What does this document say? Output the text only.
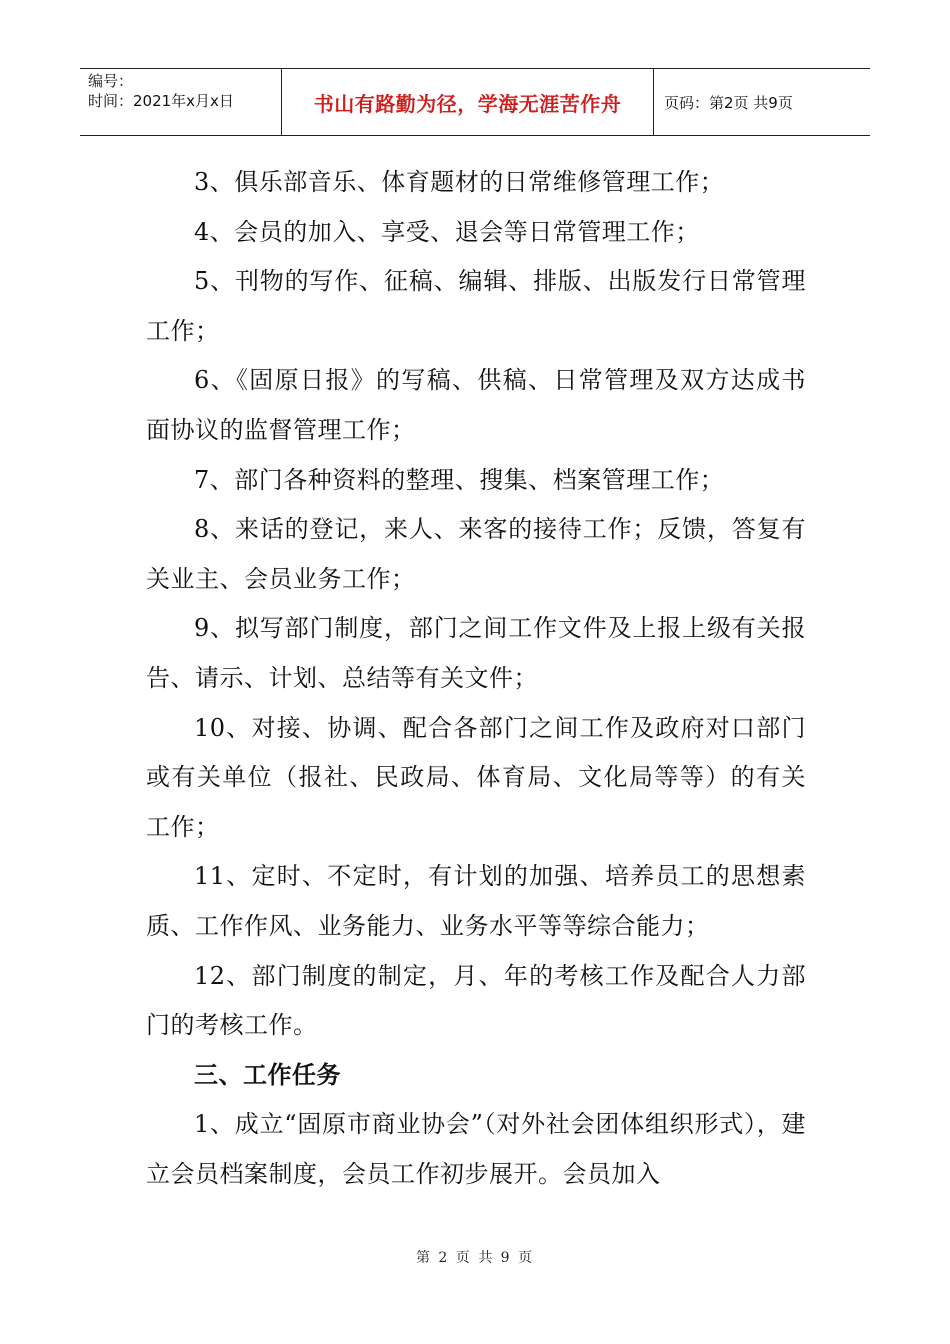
编号：
时间：2021年x月x日	书山有路勤为径，学海无涯苦作舟	页码：第2页 共9页

3、俱乐部音乐、体育题材的日常维修管理工作；

4、会员的加入、享受、退会等日常管理工作；

5、刊物的写作、征稿、编辑、排版、出版发行日常管理工作；

6、《固原日报》的写稿、供稿、日常管理及双方达成书面协议的监督管理工作；

7、部门各种资料的整理、搜集、档案管理工作；

8、来话的登记，来人、来客的接待工作；反馈，答复有关业主、会员业务工作；

9、拟写部门制度，部门之间工作文件及上报上级有关报告、请示、计划、总结等有关文件；

10、对接、协调、配合各部门之间工作及政府对口部门或有关单位（报社、民政局、体育局、文化局等等）的有关工作；

11、定时、不定时，有计划的加强、培养员工的思想素质、工作作风、业务能力、业务水平等等综合能力；

12、部门制度的制定，月、年的考核工作及配合人力部门的考核工作。

三、工作任务

1、成立“固原市商业协会”（对外社会团体组织形式），建立会员档案制度，会员工作初步展开。会员加入

第 2 页 共 9 页
